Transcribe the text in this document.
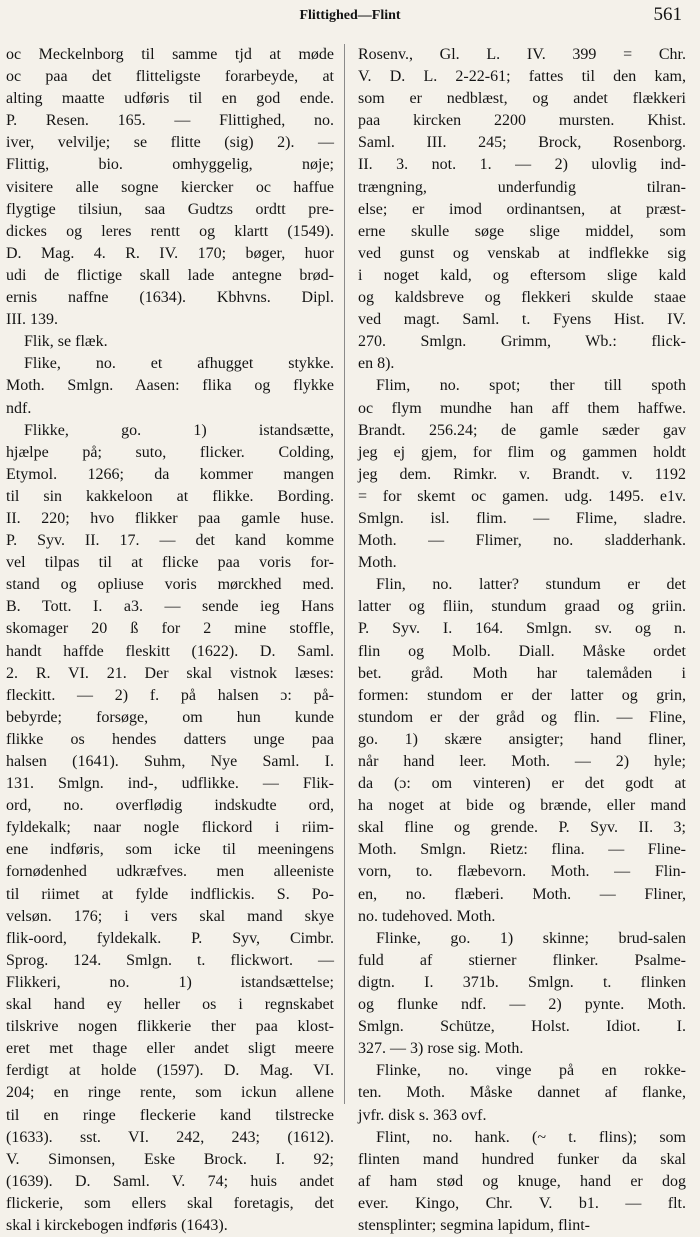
Flittighed—Flint	561
oc Meckelnborg til samme tjd at møde
oc paa det flitteligste forarbeyde, at
alting maatte udføris til en god ende.
P. Resen. 165. — Flittighed, no.
iver, velvilje; se flitte (sig) 2). —
Flittig, bio. omhyggelig, nøje;
visitere alle sogne kiercker oc haffue
flygtige tilsiun, saa Gudtzs ordtt pre-
dickes og leres rentt og klartt (1549).
D. Mag. 4. R. IV. 170; bøger, huor
udi de flictige skall lade antegne brød-
ernis naffne (1634). Kbhvns. Dipl.
III. 139.
Flik, se flæk.
Flike, no. et afhugget stykke.
Moth. Smlgn. Aasen: flika og flykke
ndf.
Flikke, go. 1) istandsætte,
hjælpe på; suto, flicker. Colding,
Etymol. 1266; da kommer mangen
til sin kakkeloon at flikke. Bording.
II. 220; hvo flikker paa gamle huse.
P. Syv. II. 17. — det kand komme
vel tilpas til at flicke paa voris for-
stand og opliuse voris mørckhed med.
B. Tott. I. a3. — sende ieg Hans
skomager 20 ß for 2 mine stoffle,
handt haffde fleskitt (1622). D. Saml.
2. R. VI. 21. Der skal vistnok læses:
fleckitt. — 2) f. på halsen ɔ: på-
bebyrde; forsøge, om hun kunde
flikke os hendes datters unge paa
halsen (1641). Suhm, Nye Saml. I.
131. Smlgn. ind-, udflikke. — Flik-
ord, no. overflødig indskudte ord,
fyldekalk; naar nogle flickord i riim-
ene indføris, som icke til meeningens
fornødenhed udkræfves. men alleeniste
til riimet at fylde indflickis. S. Po-
velsøn. 176; i vers skal mand skye
flik-oord, fyldekalk. P. Syv, Cimbr.
Sprog. 124. Smlgn. t. flickwort. —
Flikkeri, no. 1) istandsættelse;
skal hand ey heller os i regnskabet
tilskrive nogen flikkerie ther paa klost-
eret met thage eller andet sligt meere
ferdigt at holde (1597). D. Mag. VI.
204; en ringe rente, som ickun allene
til en ringe fleckerie kand tilstrecke
(1633). sst. VI. 242, 243; (1612).
V. Simonsen, Eske Brock. I. 92;
(1639). D. Saml. V. 74; huis andet
flickerie, som ellers skal foretagis, det
skal i kirckebogen indføris (1643).
Rosenv., Gl. L. IV. 399 = Chr.
V. D. L. 2-22-61; fattes til den kam,
som er nedblæst, og andet flækkeri
paa kircken 2200 mursten. Khist.
Saml. III. 245; Brock, Rosenborg.
II. 3. not. 1. — 2) ulovlig ind-
trængning, underfundig tilran-
else; er imod ordinantsen, at præst-
erne skulle søge slige middel, som
ved gunst og venskab at indflekke sig
i noget kald, og eftersom slige kald
og kaldsbreve og flekkeri skulde staae
ved magt. Saml. t. Fyens Hist. IV.
270. Smlgn. Grimm, Wb.: flick-
en 8).
Flim, no. spot; ther till spoth
oc flym mundhe han aff them haffwe.
Brandt. 256.24; de gamle sæder gav
jeg ej gjem, for flim og gammen holdt
jeg dem. Rimkr. v. Brandt. v. 1192
= for skemt oc gamen. udg. 1495. e1v.
Smlgn. isl. flim. — Flime, sladre.
Moth. — Flimer, no. sladderhank.
Moth.
Flin, no. latter? stundum er det
latter og fliin, stundum graad og griin.
P. Syv. I. 164. Smlgn. sv. og n.
flin og Molb. Diall. Måske ordet
bet. gråd. Moth har talemåden i
formen: stundom er der latter og grin,
stundom er der gråd og flin. — Fline,
go. 1) skære ansigter; hand fliner,
når hand leer. Moth. — 2) hyle;
da (ɔ: om vinteren) er det godt at
ha noget at bide og brænde, eller mand
skal fline og grende. P. Syv. II. 3;
Moth. Smlgn. Rietz: flina. — Fline-
vorn, to. flæbevorn. Moth. — Flin-
en, no. flæberi. Moth. — Fliner,
no. tudehoved. Moth.
Flinke, go. 1) skinne; brud-salen
fuld af stierner flinker. Psalme-
digtn. I. 371b. Smlgn. t. flinken
og flunke ndf. — 2) pynte. Moth.
Smlgn. Schütze, Holst. Idiot. I.
327. — 3) rose sig. Moth.
Flinke, no. vinge på en rokke-
ten. Moth. Måske dannet af flanke,
jvfr. disk s. 363 ovf.
Flint, no. hank. (~ t. flins); som
flinten mand hundred funker da skal
af ham stød og knuge, hand er dog
ever. Kingo, Chr. V. b1. — flt.
stensplinter; segmina lapidum, flint-
